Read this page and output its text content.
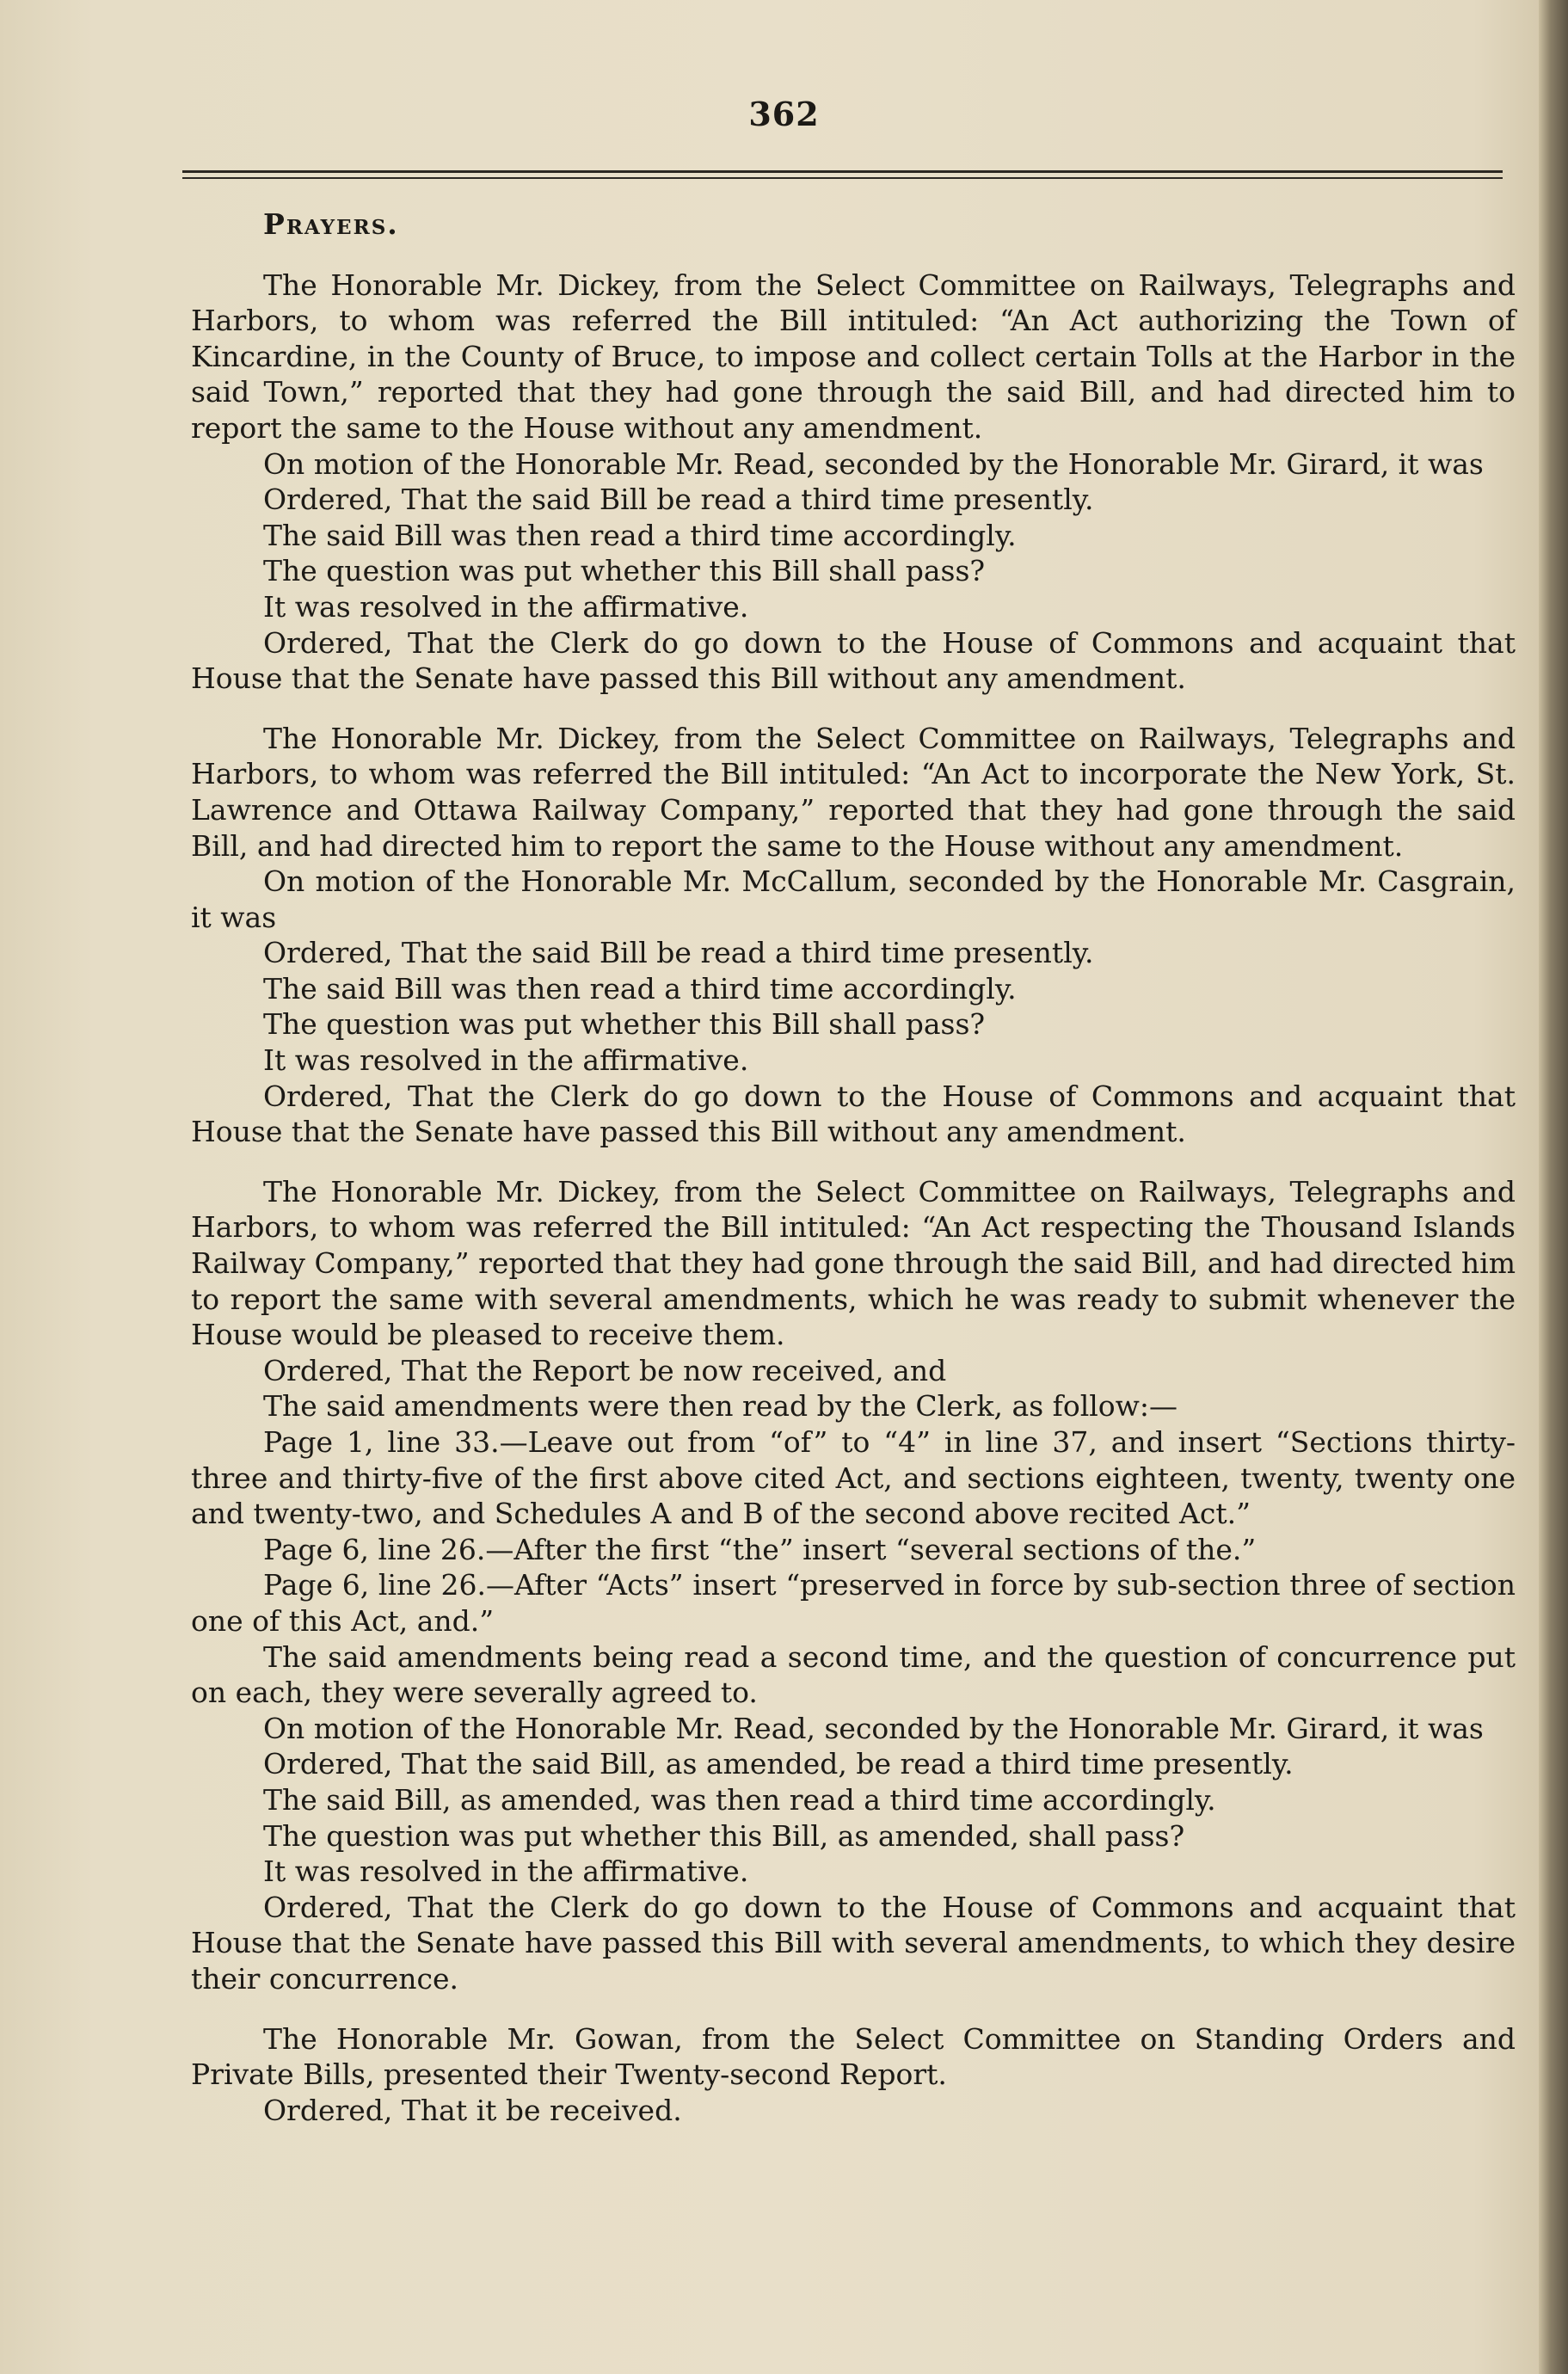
362
Prayers.

The Honorable Mr. Dickey, from the Select Committee on Railways, Telegraphs and Harbors, to whom was referred the Bill intituled: “An Act authorizing the Town of Kincardine, in the County of Bruce, to impose and collect certain Tolls at the Harbor in the said Town,” reported that they had gone through the said Bill, and had directed him to report the same to the House without any amendment.

On motion of the Honorable Mr. Read, seconded by the Honorable Mr. Girard, it was

Ordered, That the said Bill be read a third time presently.

The said Bill was then read a third time accordingly.

The question was put whether this Bill shall pass?

It was resolved in the affirmative.

Ordered, That the Clerk do go down to the House of Commons and acquaint that House that the Senate have passed this Bill without any amendment.

The Honorable Mr. Dickey, from the Select Committee on Railways, Telegraphs and Harbors, to whom was referred the Bill intituled: “An Act to incorporate the New York, St. Lawrence and Ottawa Railway Company,” reported that they had gone through the said Bill, and had directed him to report the same to the House without any amendment.

On motion of the Honorable Mr. McCallum, seconded by the Honorable Mr. Casgrain, it was

Ordered, That the said Bill be read a third time presently.

The said Bill was then read a third time accordingly.

The question was put whether this Bill shall pass?

It was resolved in the affirmative.

Ordered, That the Clerk do go down to the House of Commons and acquaint that House that the Senate have passed this Bill without any amendment.

The Honorable Mr. Dickey, from the Select Committee on Railways, Telegraphs and Harbors, to whom was referred the Bill intituled: “An Act respecting the Thousand Islands Railway Company,” reported that they had gone through the said Bill, and had directed him to report the same with several amendments, which he was ready to submit whenever the House would be pleased to receive them.

Ordered, That the Report be now received, and

The said amendments were then read by the Clerk, as follow:—

Page 1, line 33.—Leave out from “of” to “4” in line 37, and insert “Sections thirty-three and thirty-five of the first above cited Act, and sections eighteen, twenty, twenty one and twenty-two, and Schedules A and B of the second above recited Act.”

Page 6, line 26.—After the first “the” insert “several sections of the.”

Page 6, line 26.—After “Acts” insert “preserved in force by sub-section three of section one of this Act, and.”

The said amendments being read a second time, and the question of concurrence put on each, they were severally agreed to.

On motion of the Honorable Mr. Read, seconded by the Honorable Mr. Girard, it was

Ordered, That the said Bill, as amended, be read a third time presently.

The said Bill, as amended, was then read a third time accordingly.

The question was put whether this Bill, as amended, shall pass?

It was resolved in the affirmative.

Ordered, That the Clerk do go down to the House of Commons and acquaint that House that the Senate have passed this Bill with several amendments, to which they desire their concurrence.

The Honorable Mr. Gowan, from the Select Committee on Standing Orders and Private Bills, presented their Twenty-second Report.

Ordered, That it be received.
